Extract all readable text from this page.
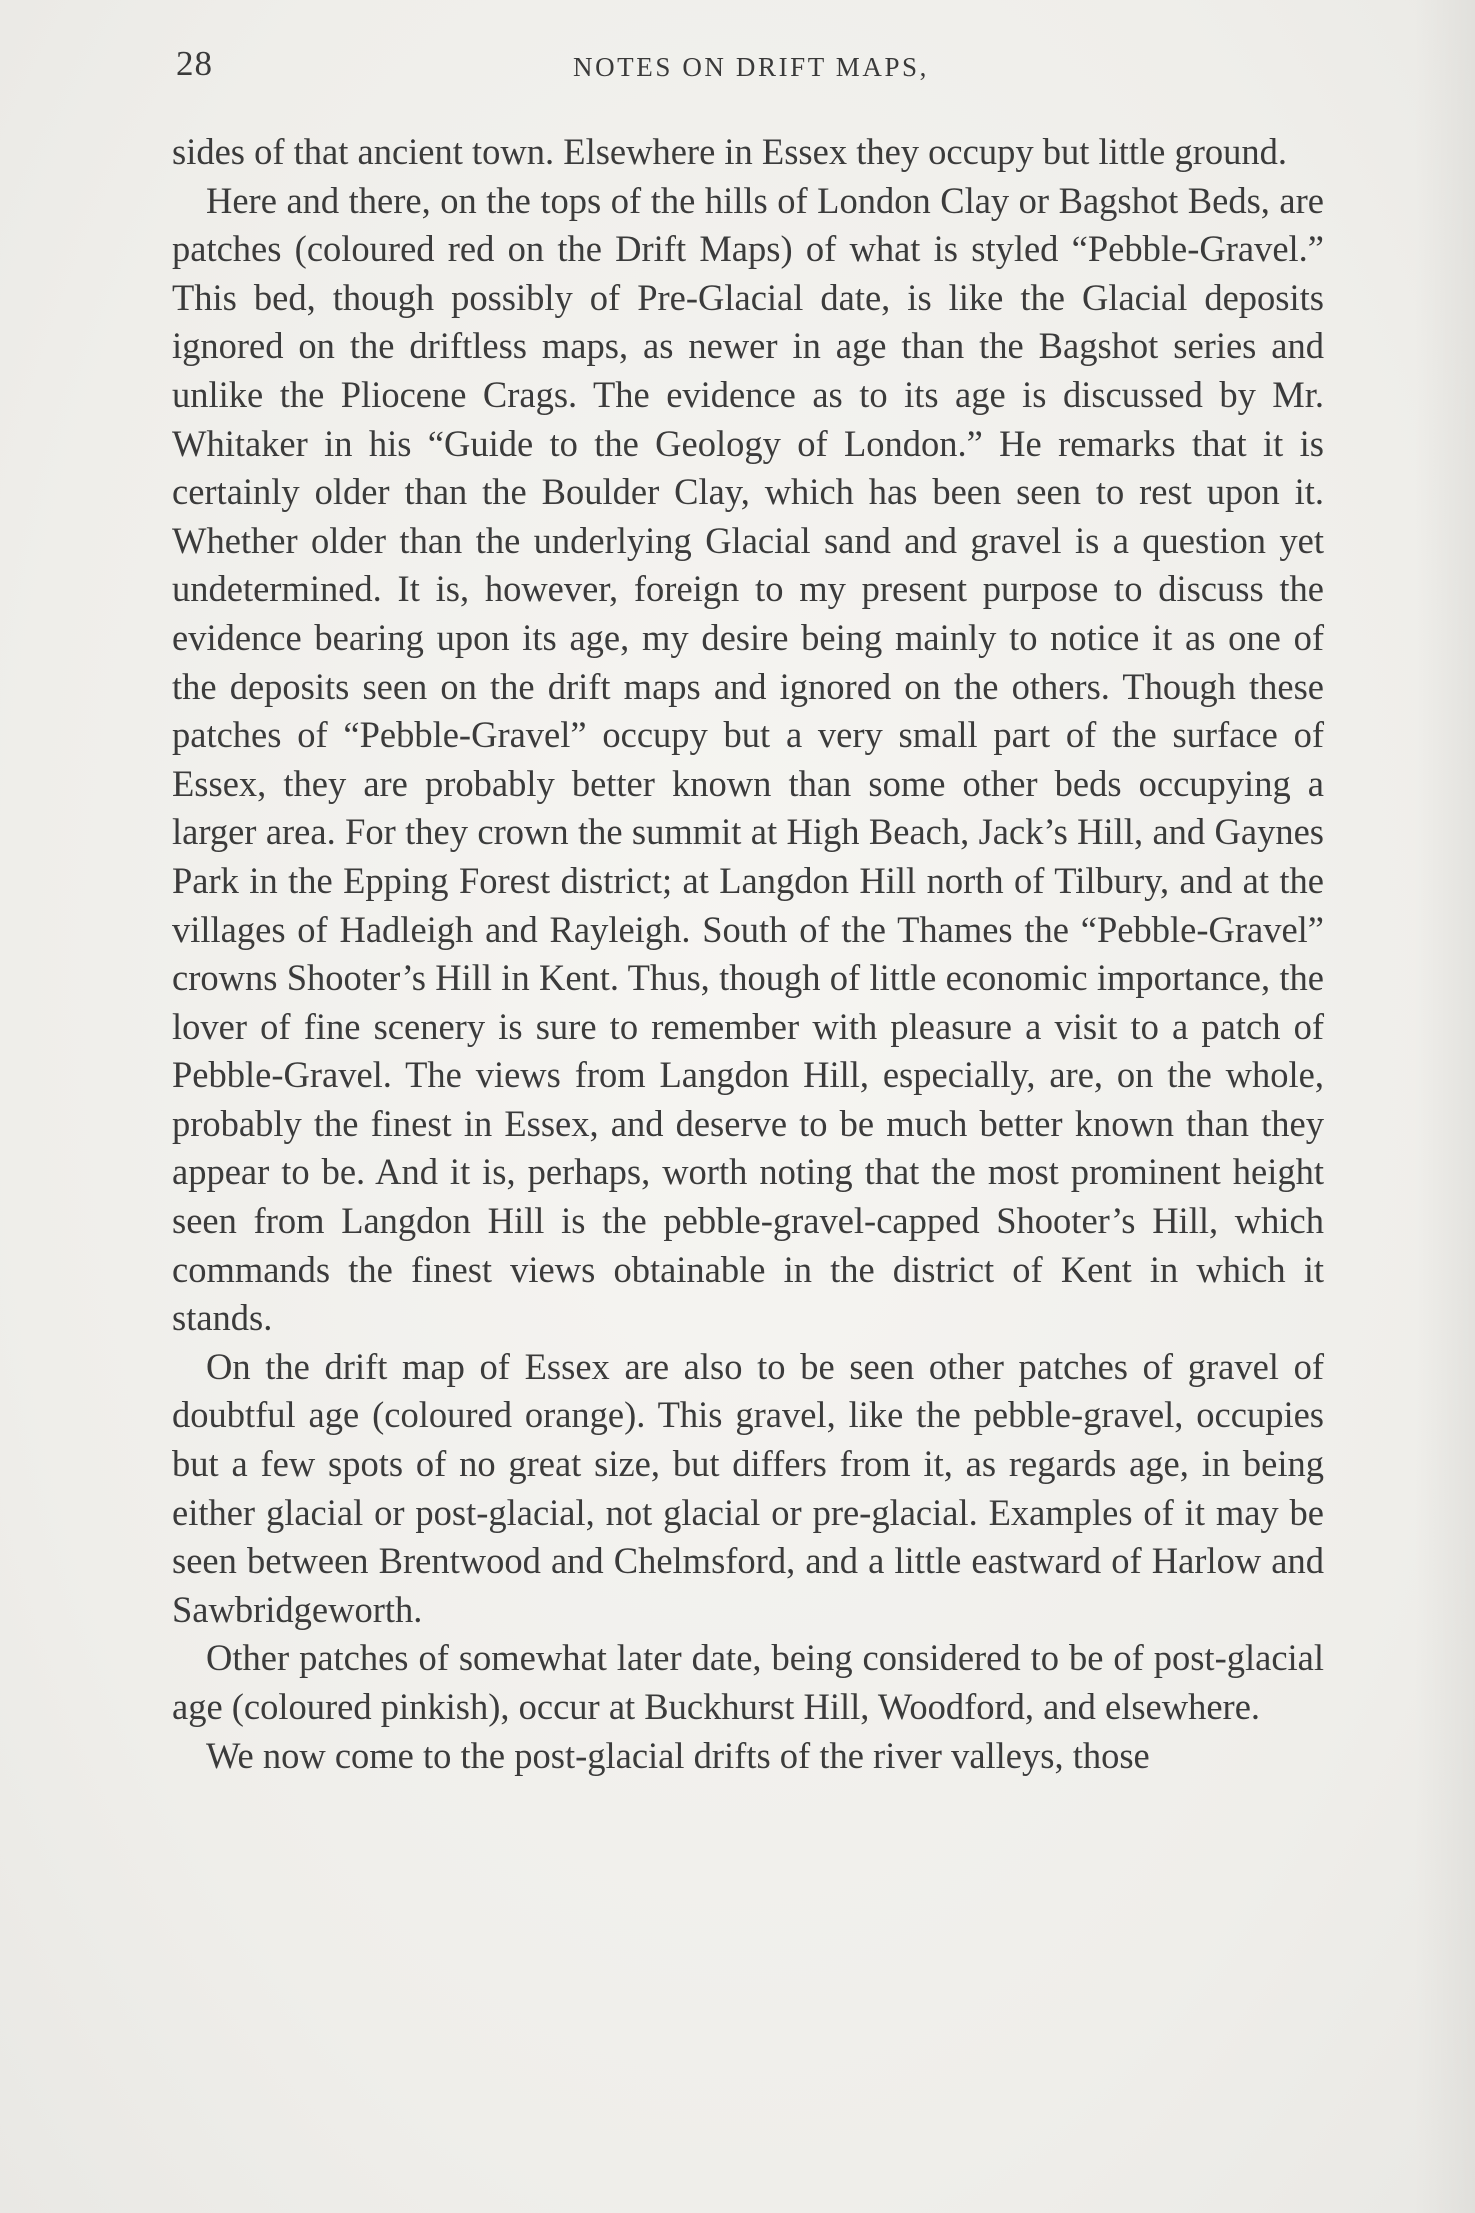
28	NOTES ON DRIFT MAPS,

sides of that ancient town. Elsewhere in Essex they occupy but little ground.

Here and there, on the tops of the hills of London Clay or Bagshot Beds, are patches (coloured red on the Drift Maps) of what is styled “Pebble-Gravel.” This bed, though possibly of Pre-Glacial date, is like the Glacial deposits ignored on the driftless maps, as newer in age than the Bagshot series and unlike the Pliocene Crags. The evidence as to its age is discussed by Mr. Whitaker in his “Guide to the Geology of London.” He remarks that it is certainly older than the Boulder Clay, which has been seen to rest upon it. Whether older than the underlying Glacial sand and gravel is a question yet undetermined. It is, however, foreign to my present purpose to discuss the evidence bearing upon its age, my desire being mainly to notice it as one of the deposits seen on the drift maps and ignored on the others. Though these patches of “Pebble-Gravel” occupy but a very small part of the surface of Essex, they are probably better known than some other beds occupying a larger area. For they crown the summit at High Beach, Jack’s Hill, and Gaynes Park in the Epping Forest district; at Langdon Hill north of Tilbury, and at the villages of Hadleigh and Rayleigh. South of the Thames the “Pebble-Gravel” crowns Shooter’s Hill in Kent. Thus, though of little economic importance, the lover of fine scenery is sure to remember with pleasure a visit to a patch of Pebble-Gravel. The views from Langdon Hill, especially, are, on the whole, probably the finest in Essex, and deserve to be much better known than they appear to be. And it is, perhaps, worth noting that the most prominent height seen from Langdon Hill is the pebble-gravel-capped Shooter’s Hill, which commands the finest views obtainable in the district of Kent in which it stands.

On the drift map of Essex are also to be seen other patches of gravel of doubtful age (coloured orange). This gravel, like the pebble-gravel, occupies but a few spots of no great size, but differs from it, as regards age, in being either glacial or post-glacial, not glacial or pre-glacial. Examples of it may be seen between Brentwood and Chelmsford, and a little eastward of Harlow and Sawbridgeworth.

Other patches of somewhat later date, being considered to be of post-glacial age (coloured pinkish), occur at Buckhurst Hill, Woodford, and elsewhere.

We now come to the post-glacial drifts of the river valleys, those
